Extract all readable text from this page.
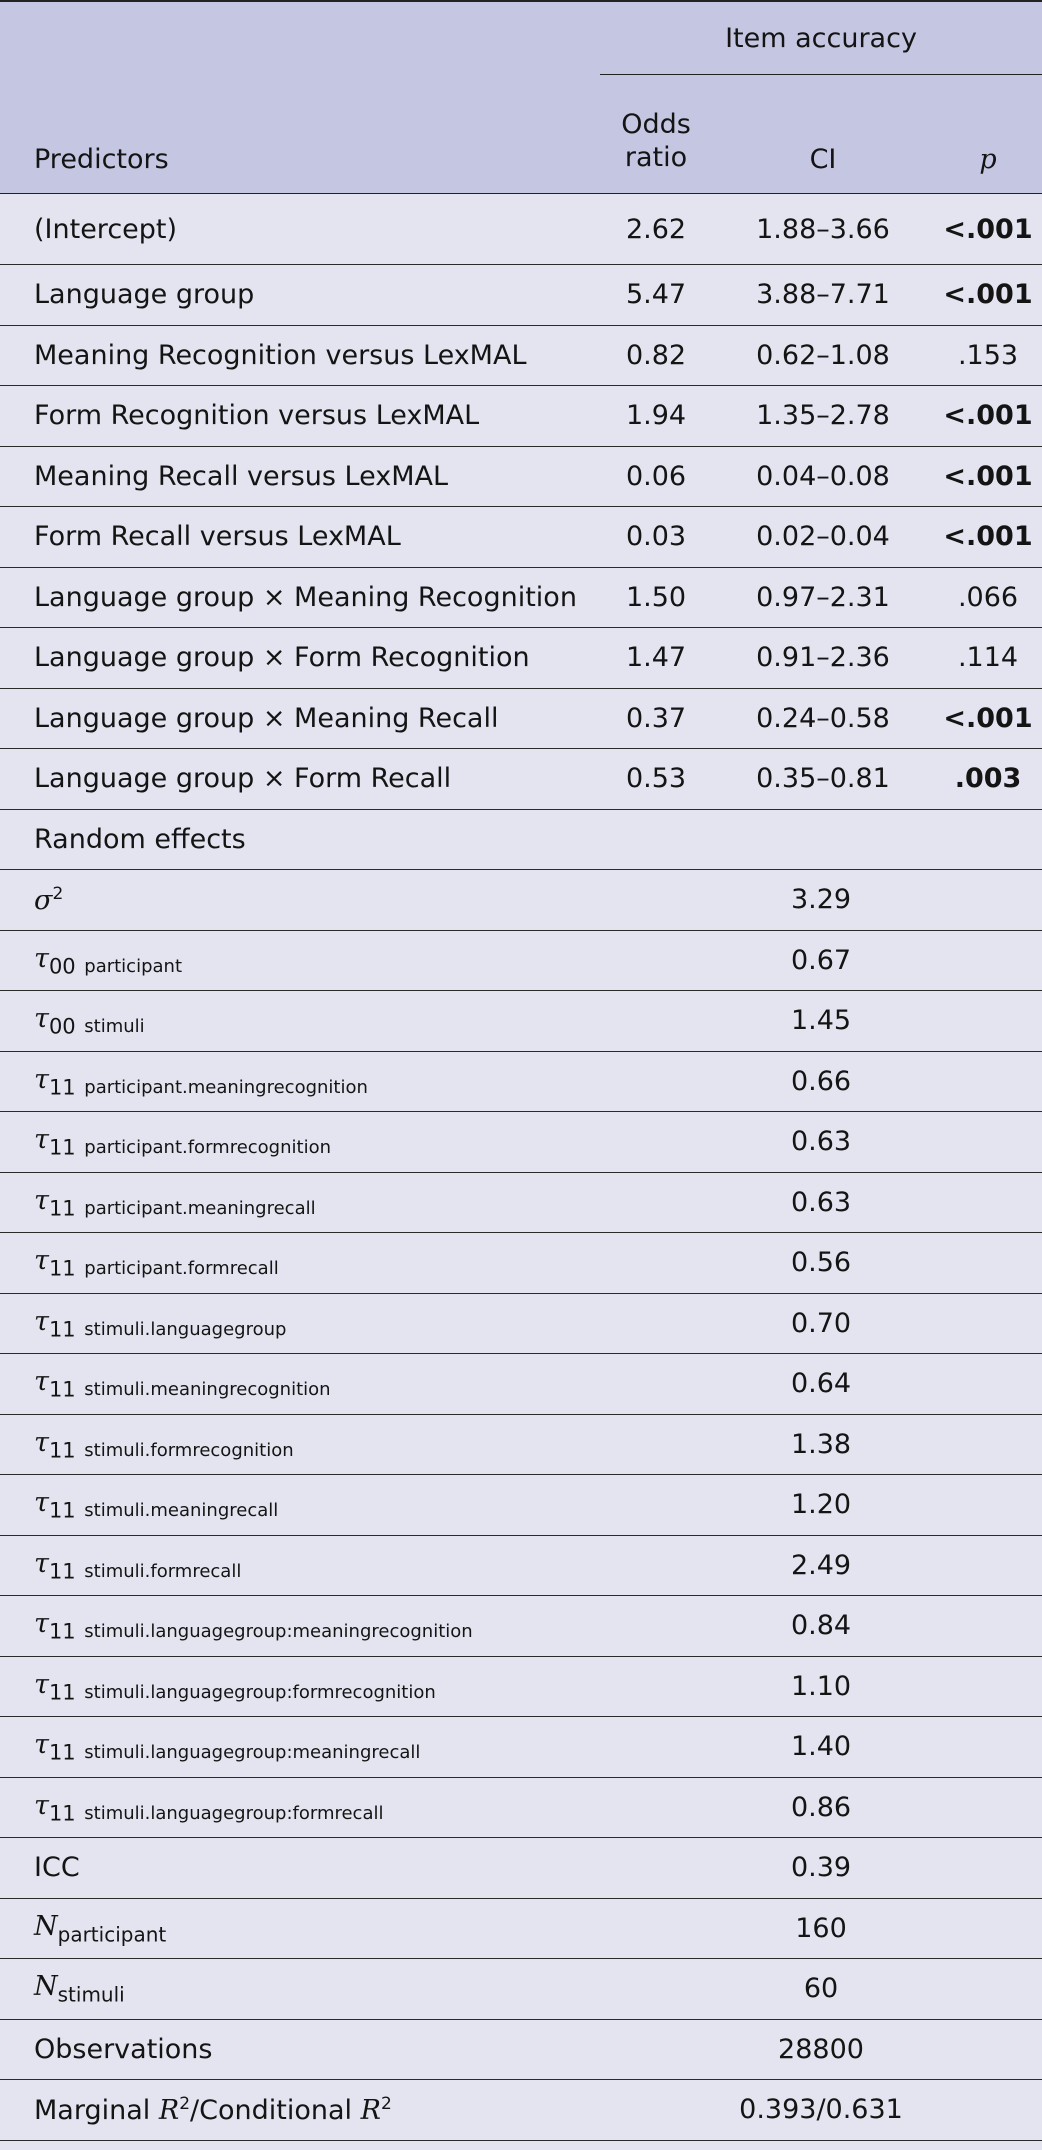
	Item accuracy		
Predictors	Odds ratio	CI	p
(Intercept)	2.62	1.88–3.66	<.001
Language group	5.47	3.88–7.71	<.001
Meaning Recognition versus LexMAL	0.82	0.62–1.08	.153
Form Recognition versus LexMAL	1.94	1.35–2.78	<.001
Meaning Recall versus LexMAL	0.06	0.04–0.08	<.001
Form Recall versus LexMAL	0.03	0.02–0.04	<.001
Language group × Meaning Recognition	1.50	0.97–2.31	.066
Language group × Form Recognition	1.47	0.91–2.36	.114
Language group × Meaning Recall	0.37	0.24–0.58	<.001
Language group × Form Recall	0.53	0.35–0.81	.003
Random effects			
$\sigma^2$	3.29		
$\tau_{00}$ $_{participant}$	0.67		
$\tau_{00}$ $_{stimuli}$	1.45		
$\tau_{11}$ $_{participant.meaningrecognition}$	0.66		
$\tau_{11}$ $_{participant.formrecognition}$	0.63		
$\tau_{11}$ $_{participant.meaningrecall}$	0.63		
$\tau_{11}$ $_{participant.formrecall}$	0.56		
$\tau_{11}$ $_{stimuli.languagegroup}$	0.70		
$\tau_{11}$ $_{stimuli.meaningrecognition}$	0.64		
$\tau_{11}$ $_{stimuli.formrecognition}$	1.38		
$\tau_{11}$ $_{stimuli.meaningrecall}$	1.20		
$\tau_{11}$ $_{stimuli.formrecall}$	2.49		
$\tau_{11}$ $_{stimuli.languagegroup:meaningrecognition}$	0.84		
$\tau_{11}$ $_{stimuli.languagegroup:formrecognition}$	1.10		
$\tau_{11}$ $_{stimuli.languagegroup:meaningrecall}$	1.40		
$\tau_{11}$ $_{stimuli.languagegroup:formrecall}$	0.86		
ICC	0.39		
$N_{participant}$	160		
$N_{stimuli}$	60		
Observations	28800		
Marginal $R^2$/Conditional $R^2$	0.393/0.631		
